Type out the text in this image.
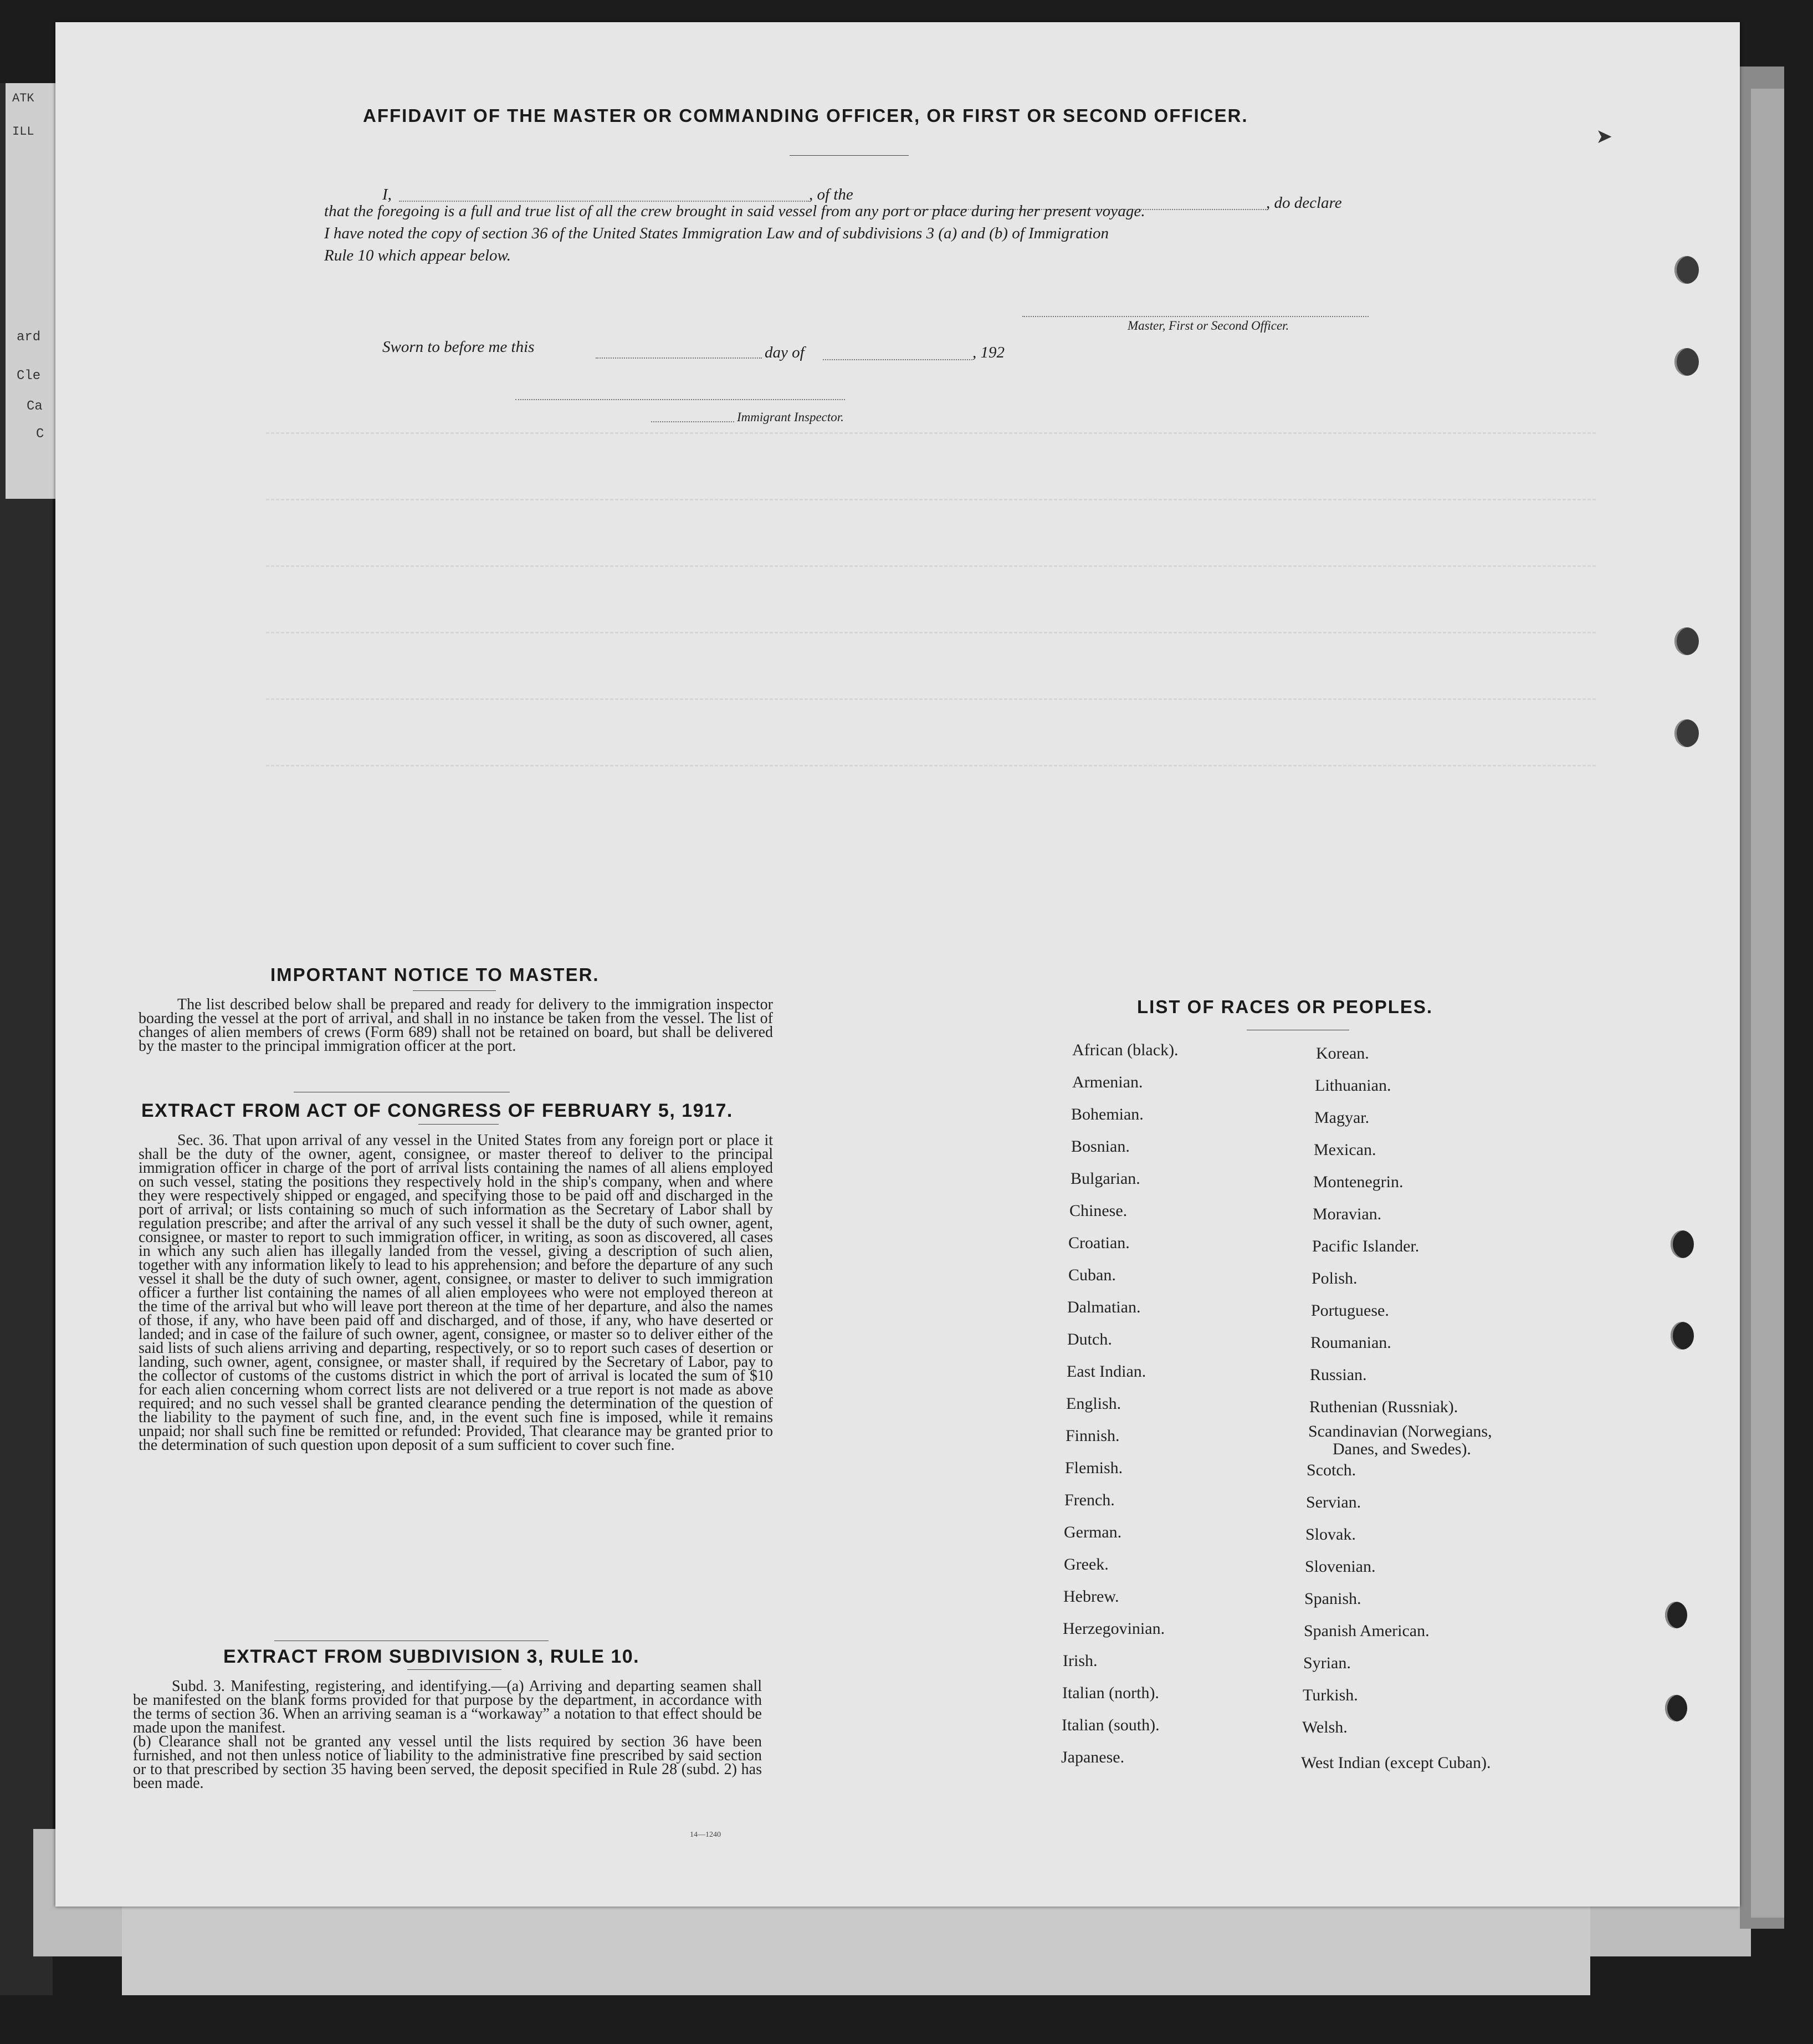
ATK
ILL
ard
Cle
Ca
C
➤

AFFIDAVIT OF THE MASTER OR COMMANDING OFFICER, OR FIRST OR SECOND OFFICER.
I,	, of the	, do declare
that the foregoing is a full and true list of all the crew brought in said vessel from any port or place during her present voyage.
I have noted the copy of section 36 of the United States Immigration Law and of subdivisions 3 (a) and (b) of Immigration
Rule 10 which appear below.
Master, First or Second Officer.
Sworn to before me this	day of	, 192
Immigrant Inspector.
IMPORTANT NOTICE TO MASTER.

The list described below shall be prepared and ready for delivery to the immigration inspector boarding the vessel at the port of arrival, and shall in no instance be taken from the vessel. The list of changes of alien members of crews (Form 689) shall not be retained on board, but shall be delivered by the master to the principal immigration officer at the port.

EXTRACT FROM ACT OF CONGRESS OF FEBRUARY 5, 1917.

Sec. 36. That upon arrival of any vessel in the United States from any foreign port or place it shall be the duty of the owner, agent, consignee, or master thereof to deliver to the principal immigration officer in charge of the port of arrival lists containing the names of all aliens employed on such vessel, stating the positions they respectively hold in the ship's company, when and where they were respectively shipped or engaged, and specifying those to be paid off and discharged in the port of arrival; or lists containing so much of such information as the Secretary of Labor shall by regulation prescribe; and after the arrival of any such vessel it shall be the duty of such owner, agent, consignee, or master to report to such immigration officer, in writing, as soon as discovered, all cases in which any such alien has illegally landed from the vessel, giving a description of such alien, together with any information likely to lead to his apprehension; and before the departure of any such vessel it shall be the duty of such owner, agent, consignee, or master to deliver to such immigration officer a further list containing the names of all alien employees who were not employed thereon at the time of the arrival but who will leave port thereon at the time of her departure, and also the names of those, if any, who have been paid off and discharged, and of those, if any, who have deserted or landed; and in case of the failure of such owner, agent, consignee, or master so to deliver either of the said lists of such aliens arriving and departing, respectively, or so to report such cases of desertion or landing, such owner, agent, consignee, or master shall, if required by the Secretary of Labor, pay to the collector of customs of the customs district in which the port of arrival is located the sum of $10 for each alien concerning whom correct lists are not delivered or a true report is not made as above required; and no such vessel shall be granted clearance pending the determination of the question of the liability to the payment of such fine, and, in the event such fine is imposed, while it remains unpaid; nor shall such fine be remitted or refunded: Provided, That clearance may be granted prior to the determination of such question upon deposit of a sum sufficient to cover such fine.

EXTRACT FROM SUBDIVISION 3, RULE 10.

Subd. 3. Manifesting, registering, and identifying.—(a) Arriving and departing seamen shall be manifested on the blank forms provided for that purpose by the department, in accordance with the terms of section 36. When an arriving seaman is a “workaway” a notation to that effect should be made upon the manifest.

(b) Clearance shall not be granted any vessel until the lists required by section 36 have been furnished, and not then unless notice of liability to the administrative fine prescribed by said section or to that prescribed by section 35 having been served, the deposit specified in Rule 28 (subd. 2) has been made.

14—1240
LIST OF RACES OR PEOPLES.
African (black).
Armenian.
Bohemian.
Bosnian.
Bulgarian.
Chinese.
Croatian.
Cuban.
Dalmatian.
Dutch.
East Indian.
English.
Finnish.
Flemish.
French.
German.
Greek.
Hebrew.
Herzegovinian.
Irish.
Italian (north).
Italian (south).
Japanese.
Korean.
Lithuanian.
Magyar.
Mexican.
Montenegrin.
Moravian.
Pacific Islander.
Polish.
Portuguese.
Roumanian.
Russian.
Ruthenian (Russniak).
Scandinavian (Norwegians,
Danes, and Swedes).
Scotch.
Servian.
Slovak.
Slovenian.
Spanish.
Spanish American.
Syrian.
Turkish.
Welsh.
West Indian (except Cuban).
